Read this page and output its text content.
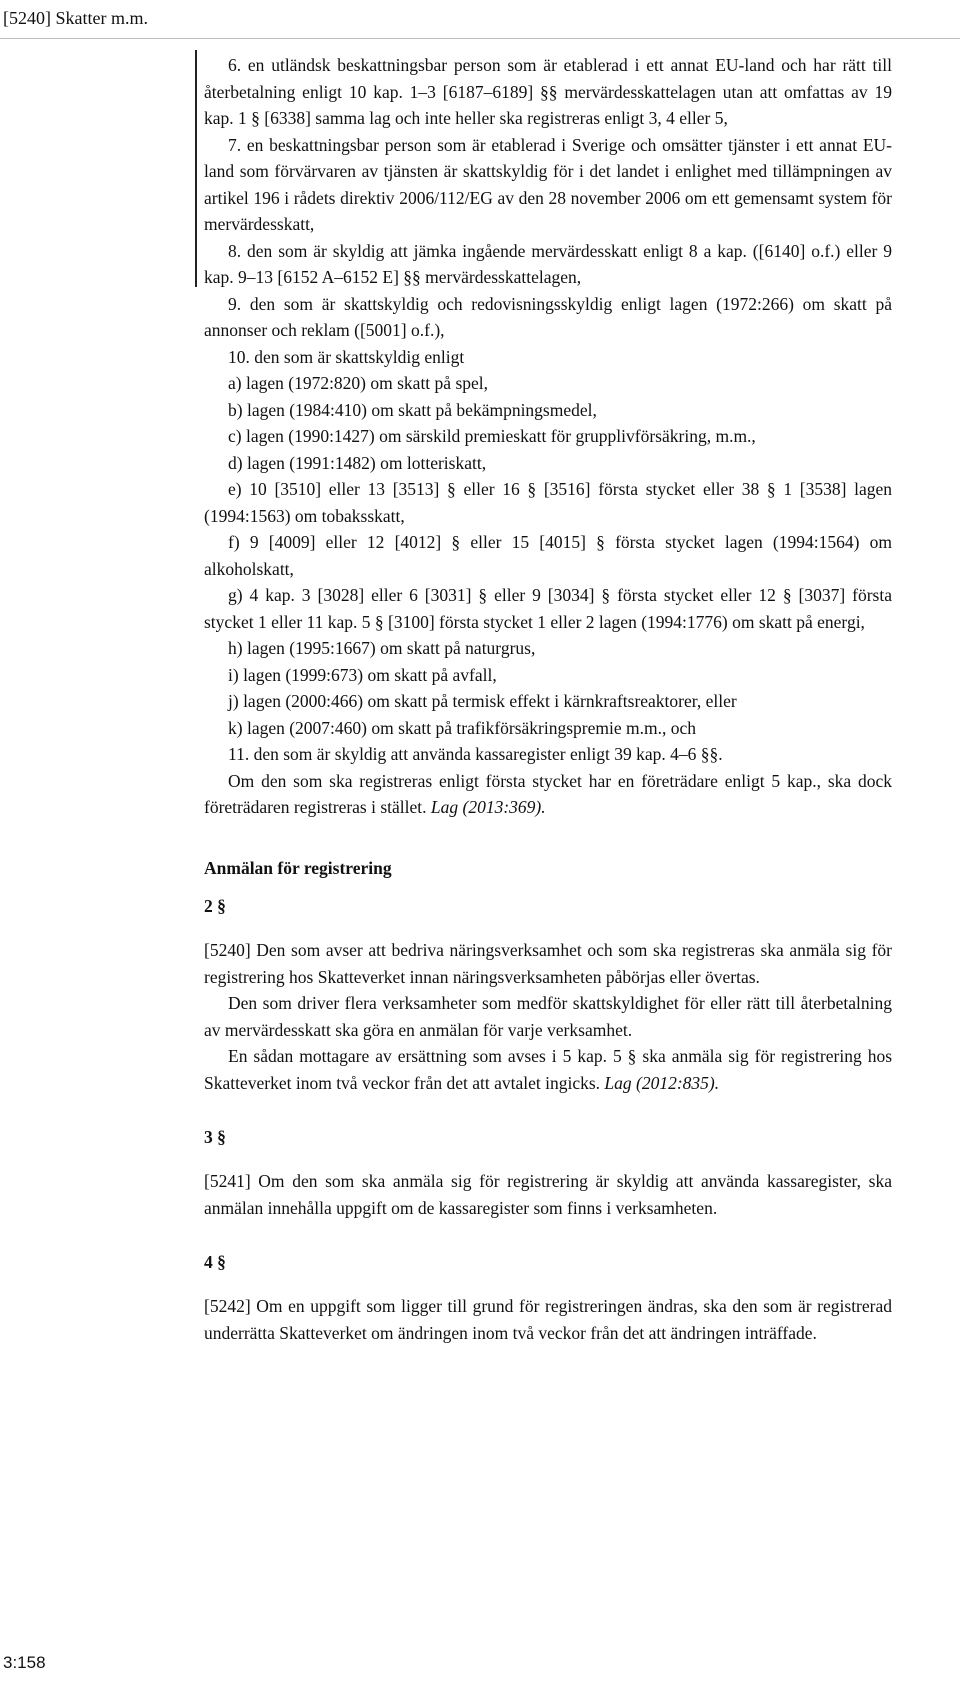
[5240] Skatter m.m.

6. en utländsk beskattningsbar person som är etablerad i ett annat EU-land och har rätt till återbetalning enligt 10 kap. 1–3 [6187–6189] §§ mervärdesskattelagen utan att omfattas av 19 kap. 1 § [6338] samma lag och inte heller ska registreras enligt 3, 4 eller 5,

7. en beskattningsbar person som är etablerad i Sverige och omsätter tjänster i ett annat EU-land som förvärvaren av tjänsten är skattskyldig för i det landet i enlighet med tillämpningen av artikel 196 i rådets direktiv 2006/112/EG av den 28 november 2006 om ett gemensamt system för mervärdesskatt,

8. den som är skyldig att jämka ingående mervärdesskatt enligt 8 a kap. ([6140] o.f.) eller 9 kap. 9–13 [6152 A–6152 E] §§ mervärdesskattelagen,

9. den som är skattskyldig och redovisningsskyldig enligt lagen (1972:266) om skatt på annonser och reklam ([5001] o.f.),

10. den som är skattskyldig enligt

a) lagen (1972:820) om skatt på spel,

b) lagen (1984:410) om skatt på bekämpningsmedel,

c) lagen (1990:1427) om särskild premieskatt för grupplivförsäkring, m.m.,

d) lagen (1991:1482) om lotteriskatt,

e) 10 [3510] eller 13 [3513] § eller 16 § [3516] första stycket eller 38 § 1 [3538] lagen (1994:1563) om tobaksskatt,

f) 9 [4009] eller 12 [4012] § eller 15 [4015] § första stycket lagen (1994:1564) om alkoholskatt,

g) 4 kap. 3 [3028] eller 6 [3031] § eller 9 [3034] § första stycket eller 12 § [3037] första stycket 1 eller 11 kap. 5 § [3100] första stycket 1 eller 2 lagen (1994:1776) om skatt på energi,

h) lagen (1995:1667) om skatt på naturgrus,

i) lagen (1999:673) om skatt på avfall,

j) lagen (2000:466) om skatt på termisk effekt i kärnkraftsreaktorer, eller

k) lagen (2007:460) om skatt på trafikförsäkringspremie m.m., och

11. den som är skyldig att använda kassaregister enligt 39 kap. 4–6 §§.

Om den som ska registreras enligt första stycket har en företrädare enligt 5 kap., ska dock företrädaren registreras i stället. Lag (2013:369).

Anmälan för registrering

2 §

[5240] Den som avser att bedriva näringsverksamhet och som ska registreras ska anmäla sig för registrering hos Skatteverket innan näringsverksamheten påbörjas eller övertas.

Den som driver flera verksamheter som medför skattskyldighet för eller rätt till återbetalning av mervärdesskatt ska göra en anmälan för varje verksamhet.

En sådan mottagare av ersättning som avses i 5 kap. 5 § ska anmäla sig för registrering hos Skatteverket inom två veckor från det att avtalet ingicks. Lag (2012:835).

3 §

[5241] Om den som ska anmäla sig för registrering är skyldig att använda kassaregister, ska anmälan innehålla uppgift om de kassaregister som finns i verksamheten.

4 §

[5242] Om en uppgift som ligger till grund för registreringen ändras, ska den som är registrerad underrätta Skatteverket om ändringen inom två veckor från det att ändringen inträffade.

3:158
